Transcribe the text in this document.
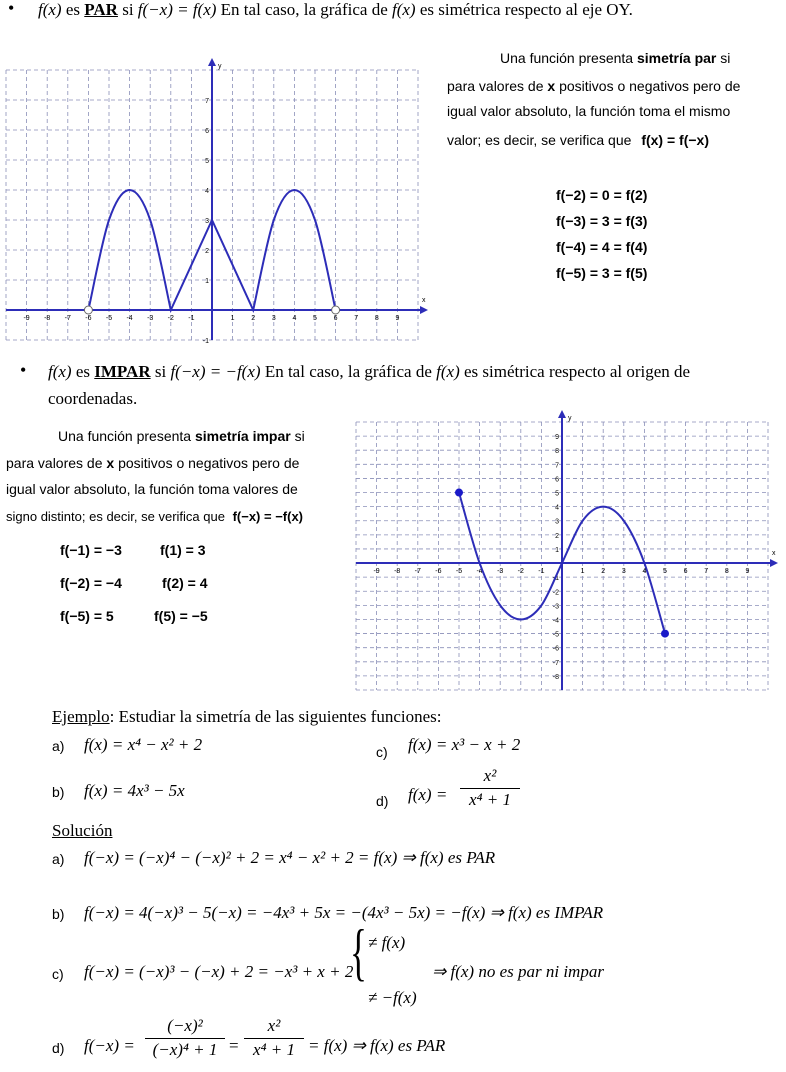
• f(x) es PAR si f(−x) = f(x) En tal caso, la gráfica de f(x) es simétrica respecto al eje OY.
x
y
-9 -8 -7 -6 -5 -4 -3 -2 -1	1 2 3 4 5 6 7 8 9
-1
1
2
3
4
5
6
7
Una función presenta simetría par si
para valores de x positivos o negativos pero de
igual valor absoluto, la función toma el mismo
valor; es decir, se verifica que f(x) = f(−x)
f(−2) = 0 = f(2)
f(−3) = 3 = f(3)
f(−4) = 4 = f(4)
f(−5) = 3 = f(5)
• f(x) es IMPAR si f(−x) = −f(x) En tal caso, la gráfica de f(x) es simétrica respecto al origen de
coordenadas.
Una función presenta simetría impar si
para valores de x positivos o negativos pero de
igual valor absoluto, la función toma valores de
signo distinto; es decir, se verifica que f(−x) = −f(x)
f(−1) = −3	f(1) = 3
f(−2) = −4	f(2) = 4
f(−5) = 5	f(5) = −5
x
y
-9 -8 -7 -6 -5 -4 -3 -2 -1	1 2 3 4 5 6 7 8 9
-8
-7
-6
-5
-4
-3
-2
-1
1
2
3
4
5
6
7
8
9
Ejemplo: Estudiar la simetría de las siguientes funciones:
a) f(x) = x⁴ − x² + 2	c) f(x) = x³ − x + 2
b) f(x) = 4x³ − 5x
d) $f(x) = \frac{\text{x²}}{\text{x⁴ + 1}}$
Solución
a) f(−x) = (−x)⁴ − (−x)² + 2 = x⁴ − x² + 2 = f(x) ⇒ f(x) es PAR
b) f(−x) = 4(−x)³ − 5(−x) = −4x³ + 5x = −(4x³ − 5x) = −f(x) ⇒ f(x) es IMPAR
c) f(−x) = (−x)³ − (−x) + 2 = −x³ + x + 2
{ ≠ f(x)
≠ −f(x)
⇒ f(x) no es par ni impar
d) f(−x) =
(−x)²
(−x)⁴ + 1 =
x²
x⁴ + 1 = f(x) ⇒ f(x) es PAR
